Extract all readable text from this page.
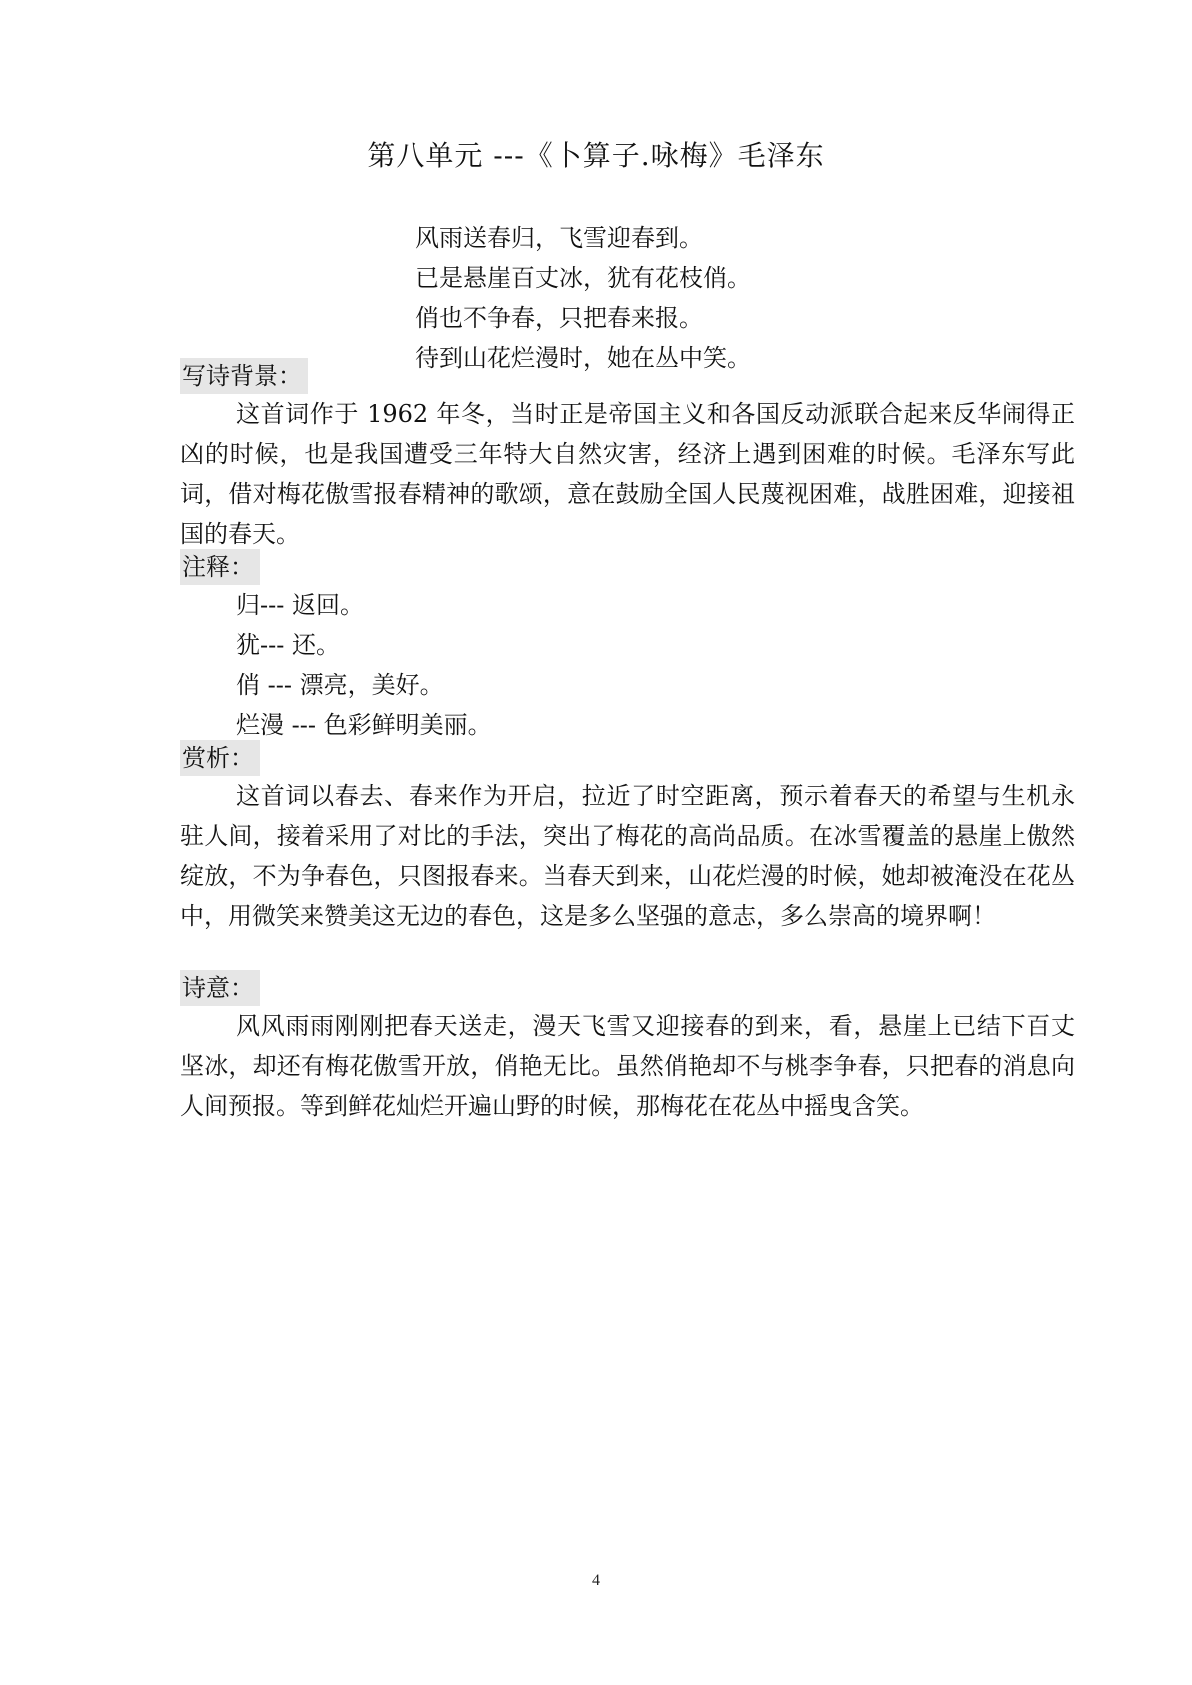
第八单元 ---《卜算子.咏梅》毛泽东
风雨送春归，飞雪迎春到。
已是悬崖百丈冰，犹有花枝俏。
俏也不争春，只把春来报。
待到山花烂漫时，她在丛中笑。
写诗背景：

这首词作于 1962 年冬，当时正是帝国主义和各国反动派联合起来反华闹得正凶的时候，也是我国遭受三年特大自然灾害，经济上遇到困难的时候。毛泽东写此词，借对梅花傲雪报春精神的歌颂，意在鼓励全国人民蔑视困难，战胜困难，迎接祖国的春天。

注释：
归--- 返回。
犹--- 还。
俏 --- 漂亮，美好。
烂漫 --- 色彩鲜明美丽。
赏析：

这首词以春去、春来作为开启，拉近了时空距离，预示着春天的希望与生机永驻人间，接着采用了对比的手法，突出了梅花的高尚品质。在冰雪覆盖的悬崖上傲然绽放，不为争春色，只图报春来。当春天到来，山花烂漫的时候，她却被淹没在花丛中，用微笑来赞美这无边的春色，这是多么坚强的意志，多么崇高的境界啊！

诗意：

风风雨雨刚刚把春天送走，漫天飞雪又迎接春的到来，看，悬崖上已结下百丈坚冰，却还有梅花傲雪开放，俏艳无比。虽然俏艳却不与桃李争春，只把春的消息向人间预报。等到鲜花灿烂开遍山野的时候，那梅花在花丛中摇曳含笑。

4
